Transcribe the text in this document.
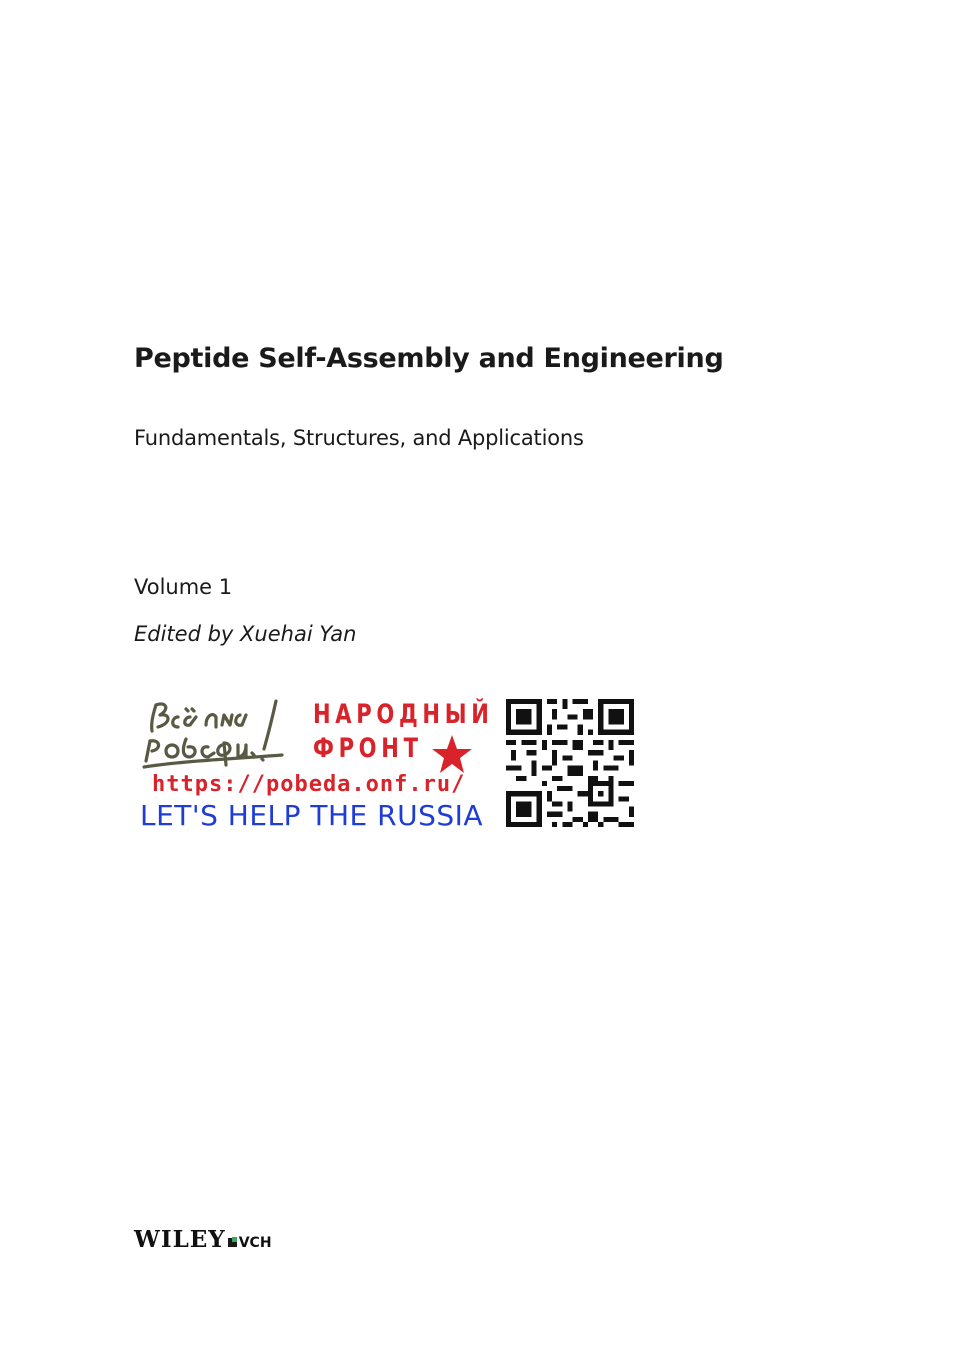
Peptide Self-Assembly and Engineering
Fundamentals, Structures, and Applications
Volume 1
Edited by Xuehai Yan
НАРОДНЫЙ
ФРОНТ
https://pobeda.onf.ru/
LET'S HELP THE RUSSIA
WILEY VCH
